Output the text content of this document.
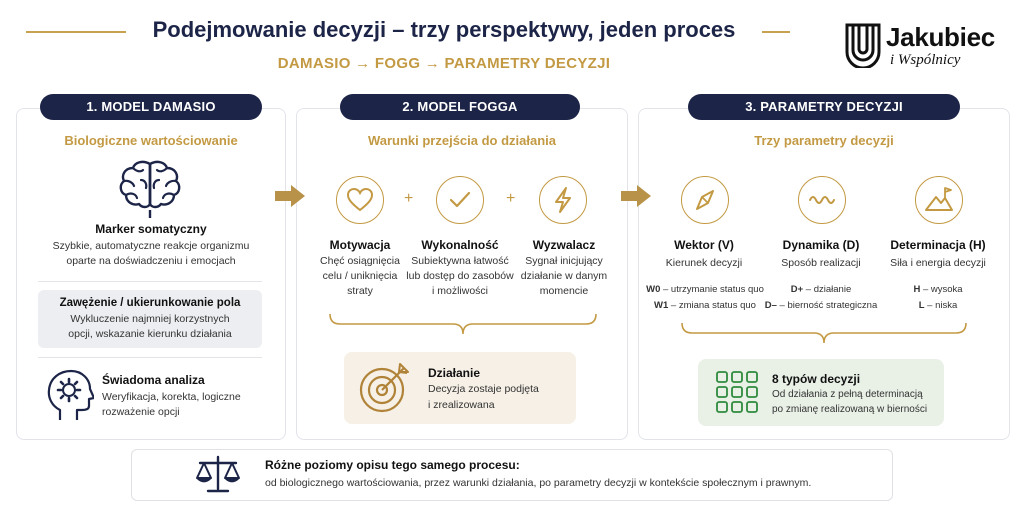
Podejmowanie decyzji – trzy perspektywy, jeden proces
DAMASIO → FOGG → PARAMETRY DECYZJI
Jakubiec
i Wspólnicy
1. MODEL DAMASIO	2. MODEL FOGGA	3. PARAMETRY DECYZJI
Biologiczne wartościowanie
Marker somatyczny
Szybkie, automatyczne reakcje organizmu
oparte na doświadczeniu i emocjach
Zawężenie / ukierunkowanie pola
Wykluczenie najmniej korzystnych
opcji, wskazanie kierunku działania
Świadoma analiza
Weryfikacja, korekta, logiczne
rozważenie opcji
Warunki przejścia do działania
+	+
Motywacja
Chęć osiągnięcia
celu / uniknięcia
straty
Wykonalność
Subiektywna łatwość
lub dostęp do zasobów
i możliwości
Wyzwalacz
Sygnał inicjujący
działanie w danym
momencie
Działanie
Decyzja zostaje podjęta
i zrealizowana
Trzy parametry decyzji
Wektor (V)
Kierunek decyzji
W0 – utrzymanie status quo
W1 – zmiana status quo
Dynamika (D)
Sposób realizacji
D+ – działanie
D– – bierność strategiczna
Determinacja (H)
Siła i energia decyzji
H – wysoka
L – niska
8 typów decyzji
Od działania z pełną determinacją
po zmianę realizowaną w bierności
Różne poziomy opisu tego samego procesu:
od biologicznego wartościowania, przez warunki działania, po parametry decyzji w kontekście społecznym i prawnym.
